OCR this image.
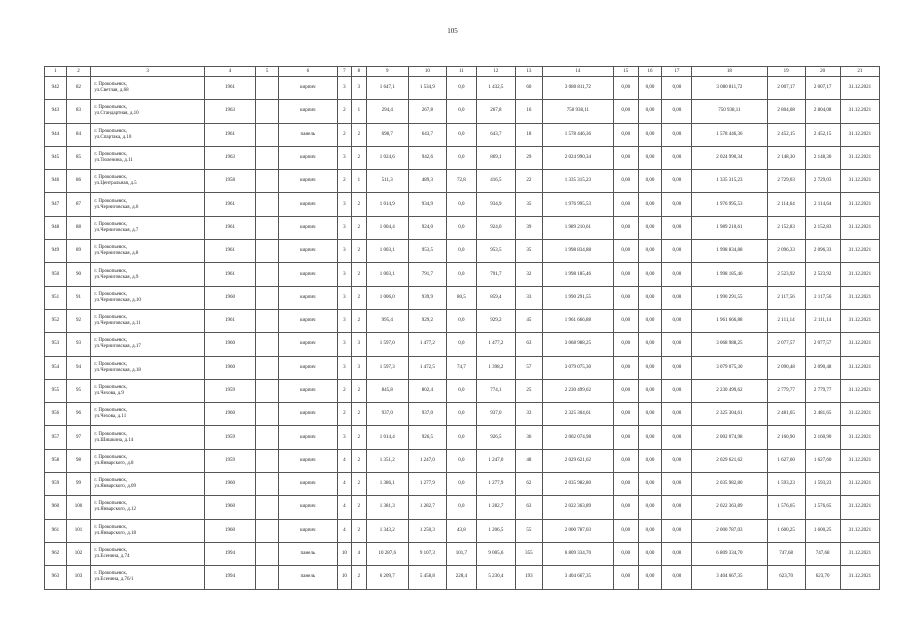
105
1	2	3	4	5	6	7	8	9	10	11	12	13	14	15	16	17	18	19	20	21
942	82	г. Прокопьевск,
ул.Светлая, д.68	1961		кирпич	3	3	1 647,1	1 534,9	0,0	1 432,5	60	3 080 811,72	0,00	0,00	0,00	3 080 811,72	2 007,17	2 007,17	31.12.2021
943	83	г. Прокопьевск,
ул.Стандартная, д.10	1963		кирпич	2	1	294,4	267,8	0,0	267,8	16	750 938,11	0,00	0,00	0,00	750 938,11	2 804,08	2 804,08	31.12.2021
944	84	г. Прокопьевск,
ул.Спартака, д.10	1961		панель	2	2	698,7	643,7	0,0	643,7	18	1 578 446,36	0,00	0,00	0,00	1 578 446,36	2 452,15	2 452,15	31.12.2021
945	85	г. Прокопьевск,
ул.Тюленина, д.11	1963		кирпич	3	2	1 024,6	942,6	0,0	869,1	29	2 024 990,34	0,00	0,00	0,00	2 024 990,34	2 148,30	2 148,30	31.12.2021
946	86	г. Прокопьевск,
ул.Центральная, д.5	1958		кирпич	2	1	511,3	489,3	72,8	416,5	22	1 335 315,23	0,00	0,00	0,00	1 335 315,23	2 729,03	2 729,03	31.12.2021
947	87	г. Прокопьевск,
ул.Черниговская, д.6	1961		кирпич	3	2	1 014,9	934,9	0,0	934,9	35	1 976 995,53	0,00	0,00	0,00	1 976 995,53	2 114,64	2 114,64	31.12.2021
948	88	г. Прокопьевск,
ул.Черниговская, д.7	1961		кирпич	3	2	1 004,4	924,0	0,0	924,0	39	1 989 210,61	0,00	0,00	0,00	1 989 210,61	2 152,83	2 152,83	31.12.2021
949	89	г. Прокопьевск,
ул.Черниговская, д.8	1961		кирпич	3	2	1 003,1	953,5	0,0	953,5	35	1 998 834,88	0,00	0,00	0,00	1 998 834,88	2 096,33	2 096,33	31.12.2021
950	90	г. Прокопьевск,
ул.Черниговская, д.9	1961		кирпич	3	2	1 003,1	791,7	0,0	791,7	32	1 998 185,46	0,00	0,00	0,00	1 998 185,46	2 523,92	2 523,92	31.12.2021
951	91	г. Прокопьевск,
ул.Черниговская, д.10	1960		кирпич	3	2	1 006,0	939,9	80,5	859,4	33	1 990 291,55	0,00	0,00	0,00	1 990 291,55	2 117,56	2 117,56	31.12.2021
952	92	г. Прокопьевск,
ул.Черниговская, д.11	1961		кирпич	3	2	995,4	929,2	0,0	929,2	45	1 961 666,88	0,00	0,00	0,00	1 961 666,88	2 111,14	2 111,14	31.12.2021
953	93	г. Прокопьевск,
ул.Черниговская, д.17	1960		кирпич	3	3	1 597,0	1 477,2	0,0	1 477,2	63	3 068 988,25	0,00	0,00	0,00	3 068 988,25	2 077,57	2 077,57	31.12.2021
954	94	г. Прокопьевск,
ул.Черниговская, д.18	1960		кирпич	3	3	1 597,3	1 472,5	74,7	1 398,2	57	3 079 075,30	0,00	0,00	0,00	3 079 075,30	2 090,48	2 090,48	31.12.2021
955	95	г. Прокопьевск,
ул.Чехова, д.9	1959		кирпич	2	2	845,8	802,4	0,0	774,1	25	2 230 499,62	0,00	0,00	0,00	2 230 499,62	2 779,77	2 779,77	31.12.2021
956	96	г. Прокопьевск,
ул.Чехова, д.11	1960		кирпич	2	2	937,0	937,0	0,0	937,0	33	2 325 304,61	0,00	0,00	0,00	2 325 304,61	2 481,65	2 481,65	31.12.2021
957	97	г. Прокопьевск,
ул.Шишкина, д.14	1959		кирпич	3	2	1 014,4	926,5	0,0	926,5	36	2 002 074,98	0,00	0,00	0,00	2 002 074,98	2 160,90	2 160,90	31.12.2021
958	98	г. Прокопьевск,
ул.Январского, д.8	1959		кирпич	4	2	1 351,2	1 247,0	0,0	1 247,0	48	2 029 621,62	0,00	0,00	0,00	2 029 621,62	1 627,60	1 627,60	31.12.2021
959	99	г. Прокопьевск,
ул.Январского, д.09	1960		кирпич	4	2	1 386,1	1 277,9	0,0	1 277,9	62	2 035 982,80	0,00	0,00	0,00	2 035 982,80	1 593,23	1 593,23	31.12.2021
960	100	г. Прокопьевск,
ул.Январского, д.12	1960		кирпич	4	2	1 381,3	1 282,7	0,0	1 282,7	63	2 022 363,89	0,00	0,00	0,00	2 022 363,89	1 576,65	1 576,65	31.12.2021
961	101	г. Прокопьевск,
ул.Январского, д.18	1960		кирпич	4	2	1 343,2	1 250,3	43,8	1 206,5	55	2 000 787,03	0,00	0,00	0,00	2 000 787,03	1 600,25	1 600,25	31.12.2021
962	102	г. Прокопьевск,
ул.Есенина, д.74	1994		панель	10	4	10 287,6	9 107,3	101,7	9 005,6	355	6 809 334,70	0,00	0,00	0,00	6 809 334,70	747,68	747,68	31.12.2021
963	103	г. Прокопьевск,
ул.Есенина, д.76/1	1994		панель	10	2	6 209,7	5 458,8	228,4	5 230,4	193	3 404 667,35	0,00	0,00	0,00	3 404 667,35	623,70	623,70	31.12.2021
